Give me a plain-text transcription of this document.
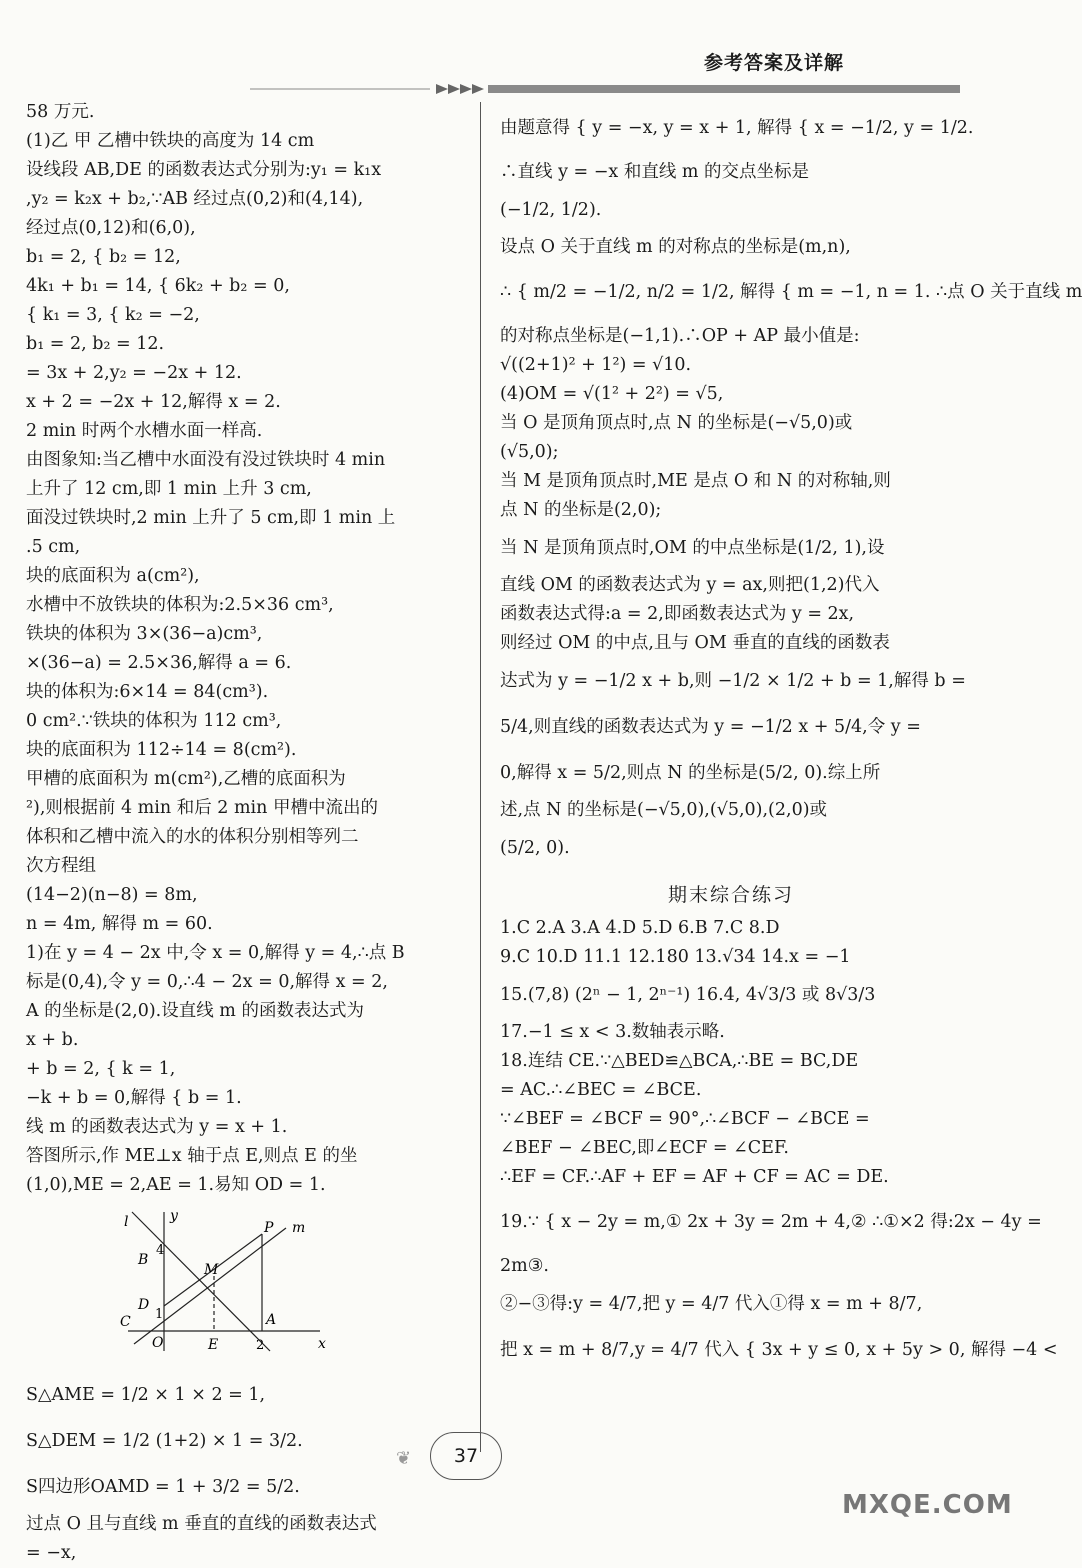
参考答案及详解
58 万元.
(1)乙 甲 乙槽中铁块的高度为 14 cm
设线段 AB,DE 的函数表达式分别为:y₁ = k₁x
,y₂ = k₂x + b₂,∵AB 经过点(0,2)和(4,14),
经过点(0,12)和(6,0),
b₁ = 2, { b₂ = 12,
4k₁ + b₁ = 14, { 6k₂ + b₂ = 0,
{ k₁ = 3, { k₂ = −2,
b₁ = 2, b₂ = 12.
= 3x + 2,y₂ = −2x + 12.
x + 2 = −2x + 12,解得 x = 2.
2 min 时两个水槽水面一样高.
由图象知:当乙槽中水面没有没过铁块时 4 min
上升了 12 cm,即 1 min 上升 3 cm,
面没过铁块时,2 min 上升了 5 cm,即 1 min 上
.5 cm,
块的底面积为 a(cm²),
水槽中不放铁块的体积为:2.5×36 cm³,
铁块的体积为 3×(36−a)cm³,
×(36−a) = 2.5×36,解得 a = 6.
块的体积为:6×14 = 84(cm³).
0 cm².∵铁块的体积为 112 cm³,
块的底面积为 112÷14 = 8(cm²).
甲槽的底面积为 m(cm²),乙槽的底面积为
²),则根据前 4 min 和后 2 min 甲槽中流出的
体积和乙槽中流入的水的体积分别相等列二
次方程组
(14−2)(n−8) = 8m,
n = 4m, 解得 m = 60.
1)在 y = 4 − 2x 中,令 x = 0,解得 y = 4,∴点 B
标是(0,4),令 y = 0,∴4 − 2x = 0,解得 x = 2,
A 的坐标是(2,0).设直线 m 的函数表达式为
x + b.
+ b = 2, { k = 1,
−k + b = 0,解得 { b = 1.
线 m 的函数表达式为 y = x + 1.
答图所示,作 ME⊥x 轴于点 E,则点 E 的坐
(1,0),ME = 2,AE = 1.易知 OD = 1.
l	y
m
B
4
P
M
D
C 1	A
O	E	2	x
S△AME = 1/2 × 1 × 2 = 1,
S△DEM = 1/2 (1+2) × 1 = 3/2.
S四边形OAMD = 1 + 3/2 = 5/2.
过点 O 且与直线 m 垂直的直线的函数表达式
= −x,
由题意得 { y = −x, y = x + 1, 解得 { x = −1/2, y = 1/2.
∴直线 y = −x 和直线 m 的交点坐标是
(−1/2, 1/2).
设点 O 关于直线 m 的对称点的坐标是(m,n),
∴ { m/2 = −1/2, n/2 = 1/2, 解得 { m = −1, n = 1. ∴点 O 关于直线 m
的对称点坐标是(−1,1).∴OP + AP 最小值是:
√((2+1)² + 1²) = √10.
(4)OM = √(1² + 2²) = √5,
当 O 是顶角顶点时,点 N 的坐标是(−√5,0)或
(√5,0);
当 M 是顶角顶点时,ME 是点 O 和 N 的对称轴,则
点 N 的坐标是(2,0);
当 N 是顶角顶点时,OM 的中点坐标是(1/2, 1),设
直线 OM 的函数表达式为 y = ax,则把(1,2)代入
函数表达式得:a = 2,即函数表达式为 y = 2x,
则经过 OM 的中点,且与 OM 垂直的直线的函数表
达式为 y = −1/2 x + b,则 −1/2 × 1/2 + b = 1,解得 b =
5/4,则直线的函数表达式为 y = −1/2 x + 5/4,令 y =
0,解得 x = 5/2,则点 N 的坐标是(5/2, 0).综上所
述,点 N 的坐标是(−√5,0),(√5,0),(2,0)或
(5/2, 0).
期末综合练习
1.C 2.A 3.A 4.D 5.D 6.B 7.C 8.D
9.C 10.D 11.1 12.180 13.√34 14.x = −1
15.(7,8) (2ⁿ − 1, 2ⁿ⁻¹) 16.4, 4√3/3 或 8√3/3
17.−1 ≤ x < 3.数轴表示略.
18.连结 CE.∵△BED≌△BCA,∴BE = BC,DE
= AC.∴∠BEC = ∠BCE.
∵∠BEF = ∠BCF = 90°,∴∠BCF − ∠BCE =
∠BEF − ∠BEC,即∠ECF = ∠CEF.
∴EF = CF.∴AF + EF = AF + CF = AC = DE.
19.∵ { x − 2y = m,① 2x + 3y = 2m + 4,② ∴①×2 得:2x − 4y =
2m③.
②−③得:y = 4/7,把 y = 4/7 代入①得 x = m + 8/7,
把 x = m + 8/7,y = 4/7 代入 { 3x + y ≤ 0, x + 5y > 0, 解得 −4 <
❦	37
MXQE.COM
